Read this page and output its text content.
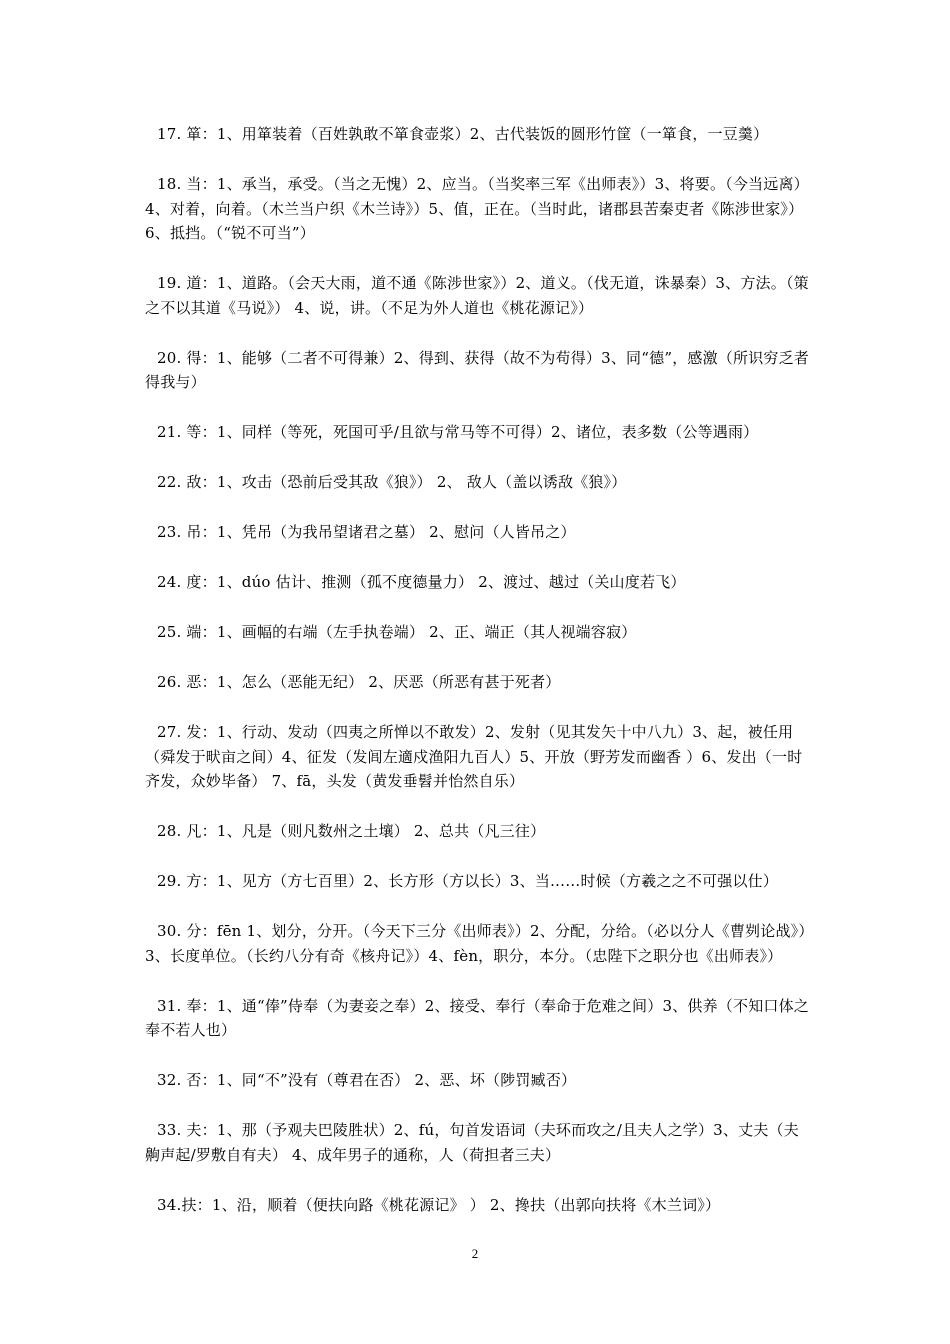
17. 箪：1、用箪装着（百姓孰敢不箪食壶浆）2、古代装饭的圆形竹筐（一箪食，一豆羹）

18. 当：1、承当，承受。（当之无愧）2、应当。（当奖率三军《出师表》）3、将要。（今当远离）4、对着，向着。（木兰当户织《木兰诗》）5、值，正在。（当时此，诸郡县苦秦吏者《陈涉世家》）6、抵挡。（“锐不可当”）

19. 道：1、道路。（会天大雨，道不通《陈涉世家》）2、道义。（伐无道，诛暴秦）3、方法。（策之不以其道《马说》） 4、说，讲。（不足为外人道也《桃花源记》）

20. 得：1、能够（二者不可得兼）2、得到、获得（故不为苟得）3、同“德”，感激（所识穷乏者得我与）

21. 等：1、同样（等死，死国可乎/且欲与常马等不可得）2、诸位，表多数（公等遇雨）

22. 敌：1、攻击（恐前后受其敌《狼》） 2、 敌人（盖以诱敌《狼》）

23. 吊：1、凭吊（为我吊望诸君之墓） 2、慰问（人皆吊之）

24. 度：1、dúo 估计、推测（孤不度德量力） 2、渡过、越过（关山度若飞）

25. 端：1、画幅的右端（左手执卷端） 2、正、端正（其人视端容寂）

26. 恶：1、怎么（恶能无纪） 2、厌恶（所恶有甚于死者）

27. 发：1、行动、发动（四夷之所惮以不敢发）2、发射（见其发矢十中八九）3、起，被任用（舜发于畎亩之间）4、征发（发闾左適戍渔阳九百人）5、开放（野芳发而幽香 ）6、发出（一时齐发，众妙毕备） 7、fā，头发（黄发垂髫并怡然自乐）

28. 凡：1、凡是（则凡数州之土壤） 2、总共（凡三往）

29. 方：1、见方（方七百里）2、长方形（方以长）3、当……时候（方羲之之不可强以仕）

30. 分：fēn 1、划分，分开。（今天下三分《出师表》）2、分配，分给。（必以分人《曹刿论战》）3、长度单位。（长约八分有奇《核舟记》）4、fèn，职分，本分。（忠陛下之职分也《出师表》）

31. 奉：1、通“俸”侍奉（为妻妾之奉）2、接受、奉行（奉命于危难之间）3、供养（不知口体之奉不若人也）

32. 否：1、同“不”没有（尊君在否） 2、恶、坏（陟罚臧否）

33. 夫：1、那（予观夫巴陵胜状）2、fú，句首发语词（夫环而攻之/且夫人之学）3、丈夫（夫齁声起/罗敷自有夫） 4、成年男子的通称，人（荷担者三夫）

34.扶：1、沿，顺着（便扶向路《桃花源记》 ） 2、搀扶（出郭向扶将《木兰词》）

2
